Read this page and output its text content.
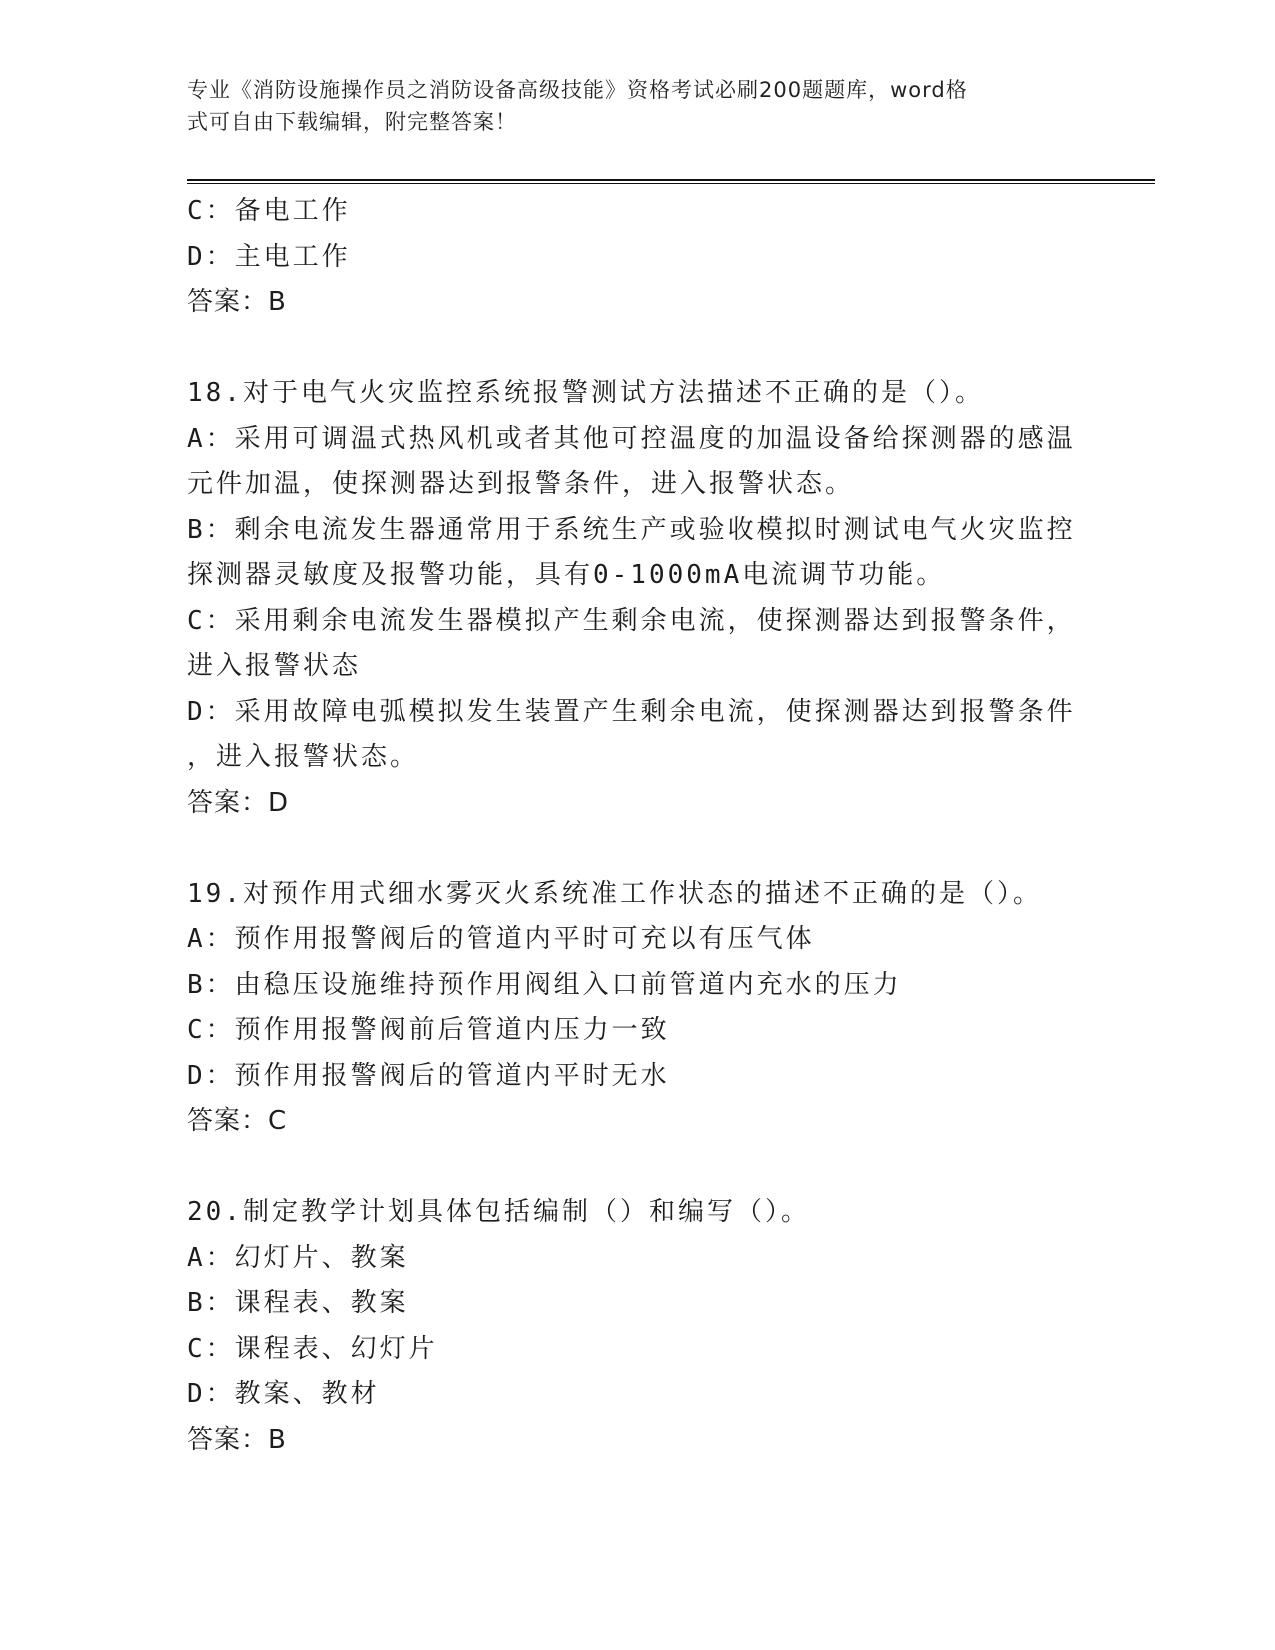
专业《消防设施操作员之消防设备高级技能》资格考试必刷200题题库，word格
式可自由下载编辑，附完整答案！
C：备电工作
D：主电工作
答案：B
18.对于电气火灾监控系统报警测试方法描述不正确的是（）。
A：采用可调温式热风机或者其他可控温度的加温设备给探测器的感温
元件加温，使探测器达到报警条件，进入报警状态。
B：剩余电流发生器通常用于系统生产或验收模拟时测试电气火灾监控
探测器灵敏度及报警功能，具有0-1000mA电流调节功能。
C：采用剩余电流发生器模拟产生剩余电流，使探测器达到报警条件，
进入报警状态
D：采用故障电弧模拟发生装置产生剩余电流，使探测器达到报警条件
，进入报警状态。
答案：D
19.对预作用式细水雾灭火系统准工作状态的描述不正确的是（）。
A：预作用报警阀后的管道内平时可充以有压气体
B：由稳压设施维持预作用阀组入口前管道内充水的压力
C：预作用报警阀前后管道内压力一致
D：预作用报警阀后的管道内平时无水
答案：C
20.制定教学计划具体包括编制（）和编写（）。
A：幻灯片、教案
B：课程表、教案
C：课程表、幻灯片
D：教案、教材
答案：B
